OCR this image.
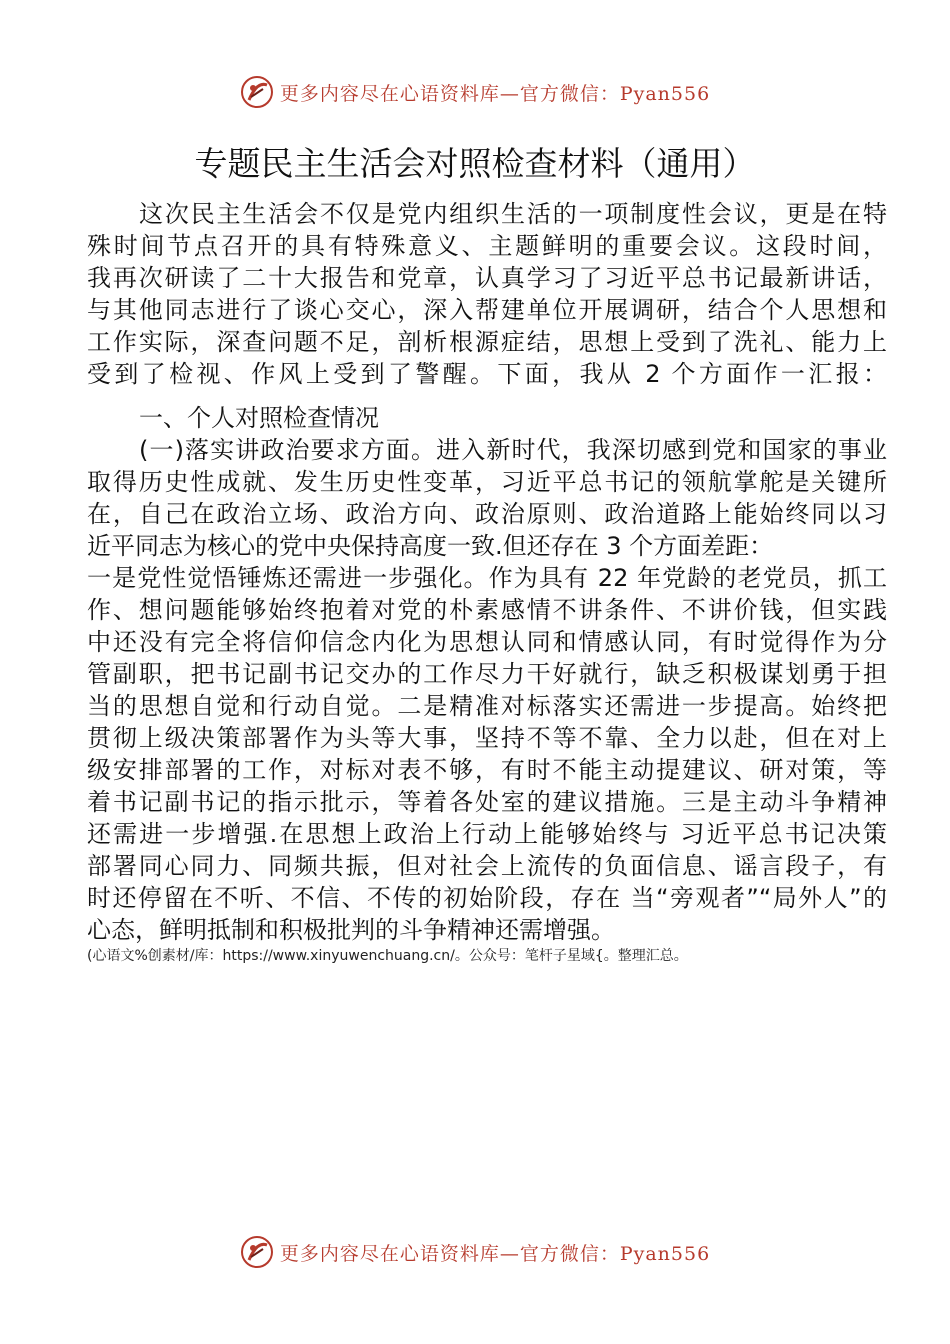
更多内容尽在心语资料库—官方微信：Pyan556
专题民主生活会对照检查材料（通用）
这次民主生活会不仅是党内组织生活的一项制度性会议，更是在特
殊时间节点召开的具有特殊意义、主题鲜明的重要会议。这段时间，
我再次研读了二十大报告和党章，认真学习了习近平总书记最新讲话，
与其他同志进行了谈心交心，深入帮建单位开展调研，结合个人思想和
工作实际，深查问题不足，剖析根源症结，思想上受到了洗礼、能力上
受到了检视、作风上受到了警醒。下面，我从 2 个方面作一汇报：
一、个人对照检查情况
(一)落实讲政治要求方面。进入新时代，我深切感到党和国家的事业
取得历史性成就、发生历史性变革，习近平总书记的领航掌舵是关键所
在，自己在政治立场、政治方向、政治原则、政治道路上能始终同以习
近平同志为核心的党中央保持高度一致.但还存在 3 个方面差距：
一是党性觉悟锤炼还需进一步强化。作为具有 22 年党龄的老党员，抓工
作、想问题能够始终抱着对党的朴素感情不讲条件、不讲价钱，但实践
中还没有完全将信仰信念内化为思想认同和情感认同，有时觉得作为分
管副职，把书记副书记交办的工作尽力干好就行，缺乏积极谋划勇于担
当的思想自觉和行动自觉。二是精准对标落实还需进一步提高。始终把
贯彻上级决策部署作为头等大事，坚持不等不靠、全力以赴，但在对上
级安排部署的工作，对标对表不够，有时不能主动提建议、研对策，等
着书记副书记的指示批示，等着各处室的建议措施。三是主动斗争精神
还需进一步增强.在思想上政治上行动上能够始终与 习近平总书记决策
部署同心同力、同频共振，但对社会上流传的负面信息、谣言段子，有
时还停留在不听、不信、不传的初始阶段，存在 当“旁观者”“局外人”的
心态，鲜明抵制和积极批判的斗争精神还需增强。
(心语文%创素材/库：https://www.xinyuwenchuang.cn/。公众号：笔杆子星域{。整理汇总。
更多内容尽在心语资料库—官方微信：Pyan556
